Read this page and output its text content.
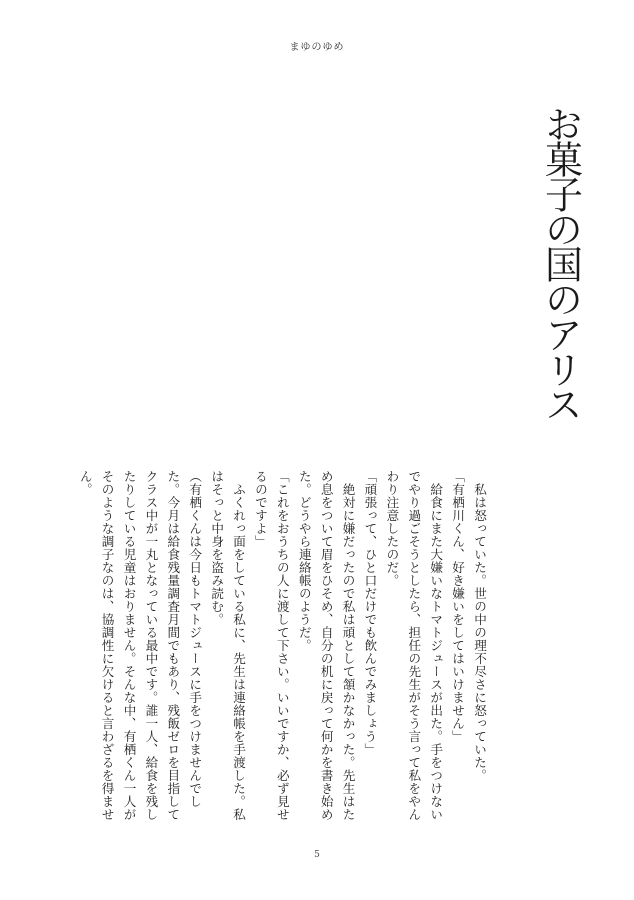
まゆのゆめ
お菓子の国のアリス

　私は怒っていた。世の中の理不尽さに怒っていた。

「有栖川くん、好き嫌いをしてはいけません」

　給食にまた大嫌いなトマトジュースが出た。手をつけないでやり過ごそうとしたら、担任の先生がそう言って私をやんわり注意したのだ。

「頑張って、ひと口だけでも飲んでみましょう」

　絶対に嫌だったので私は頑として頷かなかった。先生はため息をついて眉をひそめ、自分の机に戻って何かを書き始めた。どうやら連絡帳のようだ。

「これをおうちの人に渡して下さい。いいですか、必ず見せるのですよ」

　ふくれっ面をしている私に、先生は連絡帳を手渡した。私はそっと中身を盗み読む。

（有栖くんは今日もトマトジュースに手をつけませんでした。今月は給食残量調査月間でもあり、残飯ゼロを目指してクラス中が一丸となっている最中です。誰一人、給食を残したりしている児童はおりません。そんな中、有栖くん一人がそのような調子なのは、協調性に欠けると言わざるを得ません。

5
